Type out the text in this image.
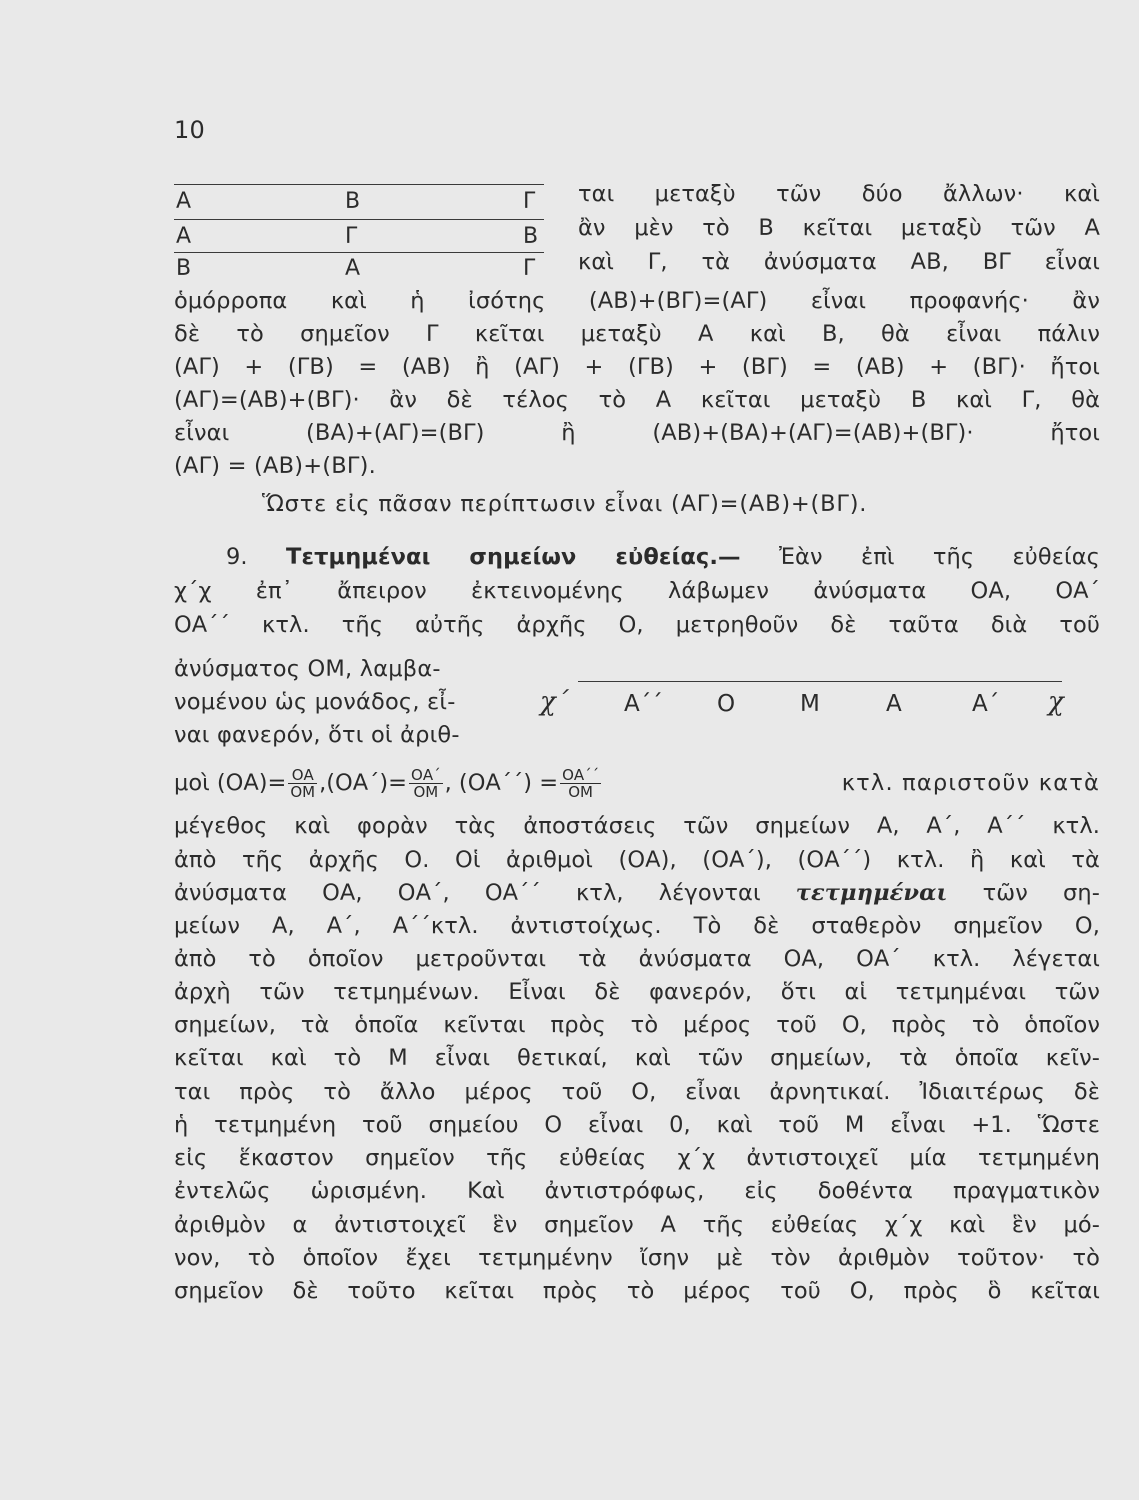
10
Α	Β	Γ
Α	Γ	Β
Β	Α	Γ
ται μεταξὺ τῶν δύο ἄλλων· καὶ
ἂν μὲν τὸ Β κεῖται μεταξὺ τῶν Α
καὶ Γ, τὰ ἀνύσματα ΑΒ, ΒΓ εἶναι
ὁμόρροπα καὶ ἡ ἰσότης (ΑΒ)+(ΒΓ)=(ΑΓ) εἶναι προφανής· ἂν
δὲ τὸ σημεῖον Γ κεῖται μεταξὺ Α καὶ Β, θὰ εἶναι πάλιν
(ΑΓ) + (ΓΒ) = (ΑΒ) ἢ (ΑΓ) + (ΓΒ) + (ΒΓ) = (ΑΒ) + (ΒΓ)· ἤτοι
(ΑΓ)=(ΑΒ)+(ΒΓ)· ἂν δὲ τέλος τὸ Α κεῖται μεταξὺ Β καὶ Γ, θὰ
εἶναι (ΒΑ)+(ΑΓ)=(ΒΓ) ἢ (ΑΒ)+(ΒΑ)+(ΑΓ)=(ΑΒ)+(ΒΓ)· ἤτοι
(ΑΓ) = (ΑΒ)+(ΒΓ).
Ὥστε εἰς πᾶσαν περίπτωσιν εἶναι (ΑΓ)=(ΑΒ)+(ΒΓ).
9. Τετμημέναι σημείων εὐθείας.— Ἐὰν ἐπὶ τῆς εὐθείας
χ΄χ ἐπ᾽ ἄπειρον ἐκτεινομένης λάβωμεν ἀνύσματα ΟΑ, ΟΑ΄
ΟΑ΄΄ κτλ. τῆς αὐτῆς ἀρχῆς Ο, μετρηθοῦν δὲ ταῦτα διὰ τοῦ
ἀνύσματος ΟΜ, λαμβα-
νομένου ὡς μονάδος, εἶ-
ναι φανερόν, ὅτι οἱ ἀριθ-
χ΄ Α΄΄ Ο	Μ	Α	Α΄ χ
μοὶ $(OA)= \frac{OA}{OM} ,(OA΄)= \frac{OA΄}{OM}$ , $(OA΄΄) = \frac{OA΄΄}{OM}$	κτλ. παριστοῦν κατὰ
μέγεθος καὶ φορὰν τὰς ἀποστάσεις τῶν σημείων Α, Α΄, Α΄΄ κτλ.
ἀπὸ τῆς ἀρχῆς Ο. Οἱ ἀριθμοὶ (ΟΑ), (ΟΑ΄), (ΟΑ΄΄) κτλ. ἢ καὶ τὰ
ἀνύσματα ΟΑ, ΟΑ΄, ΟΑ΄΄ κτλ, λέγονται τετμημέναι τῶν ση-
μείων Α, Α΄, Α΄΄κτλ. ἀντιστοίχως. Τὸ δὲ σταθερὸν σημεῖον Ο,
ἀπὸ τὸ ὁποῖον μετροῦνται τὰ ἀνύσματα ΟΑ, ΟΑ΄ κτλ. λέγεται
ἀρχὴ τῶν τετμημένων. Εἶναι δὲ φανερόν, ὅτι αἱ τετμημέναι τῶν
σημείων, τὰ ὁποῖα κεῖνται πρὸς τὸ μέρος τοῦ Ο, πρὸς τὸ ὁποῖον
κεῖται καὶ τὸ Μ εἶναι θετικαί, καὶ τῶν σημείων, τὰ ὁποῖα κεῖν-
ται πρὸς τὸ ἄλλο μέρος τοῦ Ο, εἶναι ἀρνητικαί. Ἰδιαιτέρως δὲ
ἡ τετμημένη τοῦ σημείου Ο εἶναι 0, καὶ τοῦ Μ εἶναι +1. Ὥστε
εἰς ἕκαστον σημεῖον τῆς εὐθείας χ΄χ ἀντιστοιχεῖ μία τετμημένη
ἐντελῶς ὡρισμένη. Καὶ ἀντιστρόφως, εἰς δοθέντα πραγματικὸν
ἀριθμὸν α ἀντιστοιχεῖ ἓν σημεῖον Α τῆς εὐθείας χ΄χ καὶ ἓν μό-
νον, τὸ ὁποῖον ἔχει τετμημένην ἴσην μὲ τὸν ἀριθμὸν τοῦτον· τὸ
σημεῖον δὲ τοῦτο κεῖται πρὸς τὸ μέρος τοῦ Ο, πρὸς ὃ κεῖται
